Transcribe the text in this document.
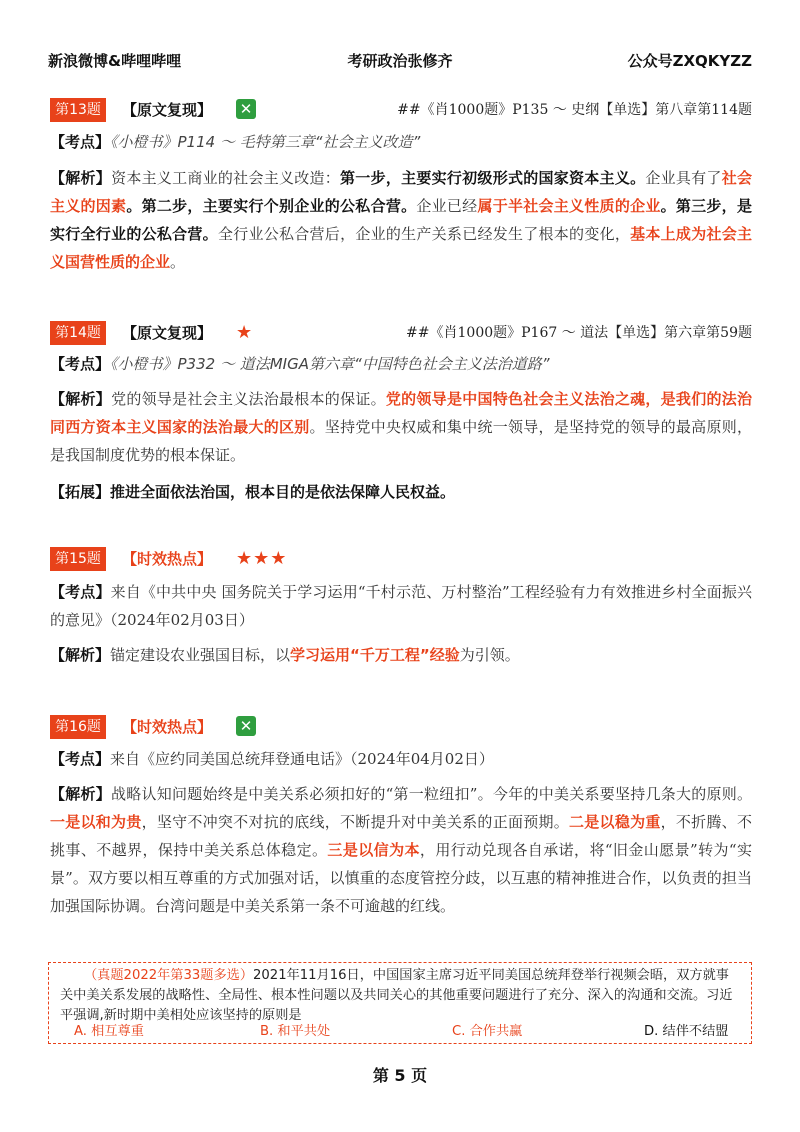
新浪微博&哔哩哔哩	考研政治张修齐	公众号ZXQKYZZ
第13题	【原文复现】 ✕	##《肖1000题》P135 ～ 史纲【单选】第八章第114题
【考点】《小橙书》P114 ～ 毛特第三章“社会主义改造”
【解析】资本主义工商业的社会主义改造：第一步，主要实行初级形式的国家资本主义。企业具有了社会主义的因素。第二步，主要实行个别企业的公私合营。企业已经属于半社会主义性质的企业。第三步，是实行全行业的公私合营。全行业公私合营后，企业的生产关系已经发生了根本的变化，基本上成为社会主义国营性质的企业。
第14题	【原文复现】 ★	##《肖1000题》P167 ～ 道法【单选】第六章第59题
【考点】《小橙书》P332 ～ 道法MIGA第六章“中国特色社会主义法治道路”
【解析】党的领导是社会主义法治最根本的保证。党的领导是中国特色社会主义法治之魂，是我们的法治同西方资本主义国家的法治最大的区别。坚持党中央权威和集中统一领导，是坚持党的领导的最高原则，是我国制度优势的根本保证。
【拓展】推进全面依法治国，根本目的是依法保障人民权益。
第15题	【时效热点】 ★★★
【考点】来自《中共中央 国务院关于学习运用“千村示范、万村整治”工程经验有力有效推进乡村全面振兴的意见》（2024年02月03日）
【解析】锚定建设农业强国目标，以学习运用“千万工程”经验为引领。
第16题	【时效热点】 ✕
【考点】来自《应约同美国总统拜登通电话》（2024年04月02日）
【解析】战略认知问题始终是中美关系必须扣好的“第一粒纽扣”。今年的中美关系要坚持几条大的原则。一是以和为贵，坚守不冲突不对抗的底线，不断提升对中美关系的正面预期。二是以稳为重，不折腾、不挑事、不越界，保持中美关系总体稳定。三是以信为本，用行动兑现各自承诺，将“旧金山愿景”转为“实景”。双方要以相互尊重的方式加强对话，以慎重的态度管控分歧，以互惠的精神推进合作，以负责的担当加强国际协调。台湾问题是中美关系第一条不可逾越的红线。
（真题2022年第33题多选）2021年11月16日，中国国家主席习近平同美国总统拜登举行视频会晤，双方就事关中美关系发展的战略性、全局性、根本性问题以及共同关心的其他重要问题进行了充分、深入的沟通和交流。习近平强调,新时期中美相处应该坚持的原则是
A. 相互尊重	B. 和平共处	C. 合作共赢	D. 结伴不结盟
第 5 页
